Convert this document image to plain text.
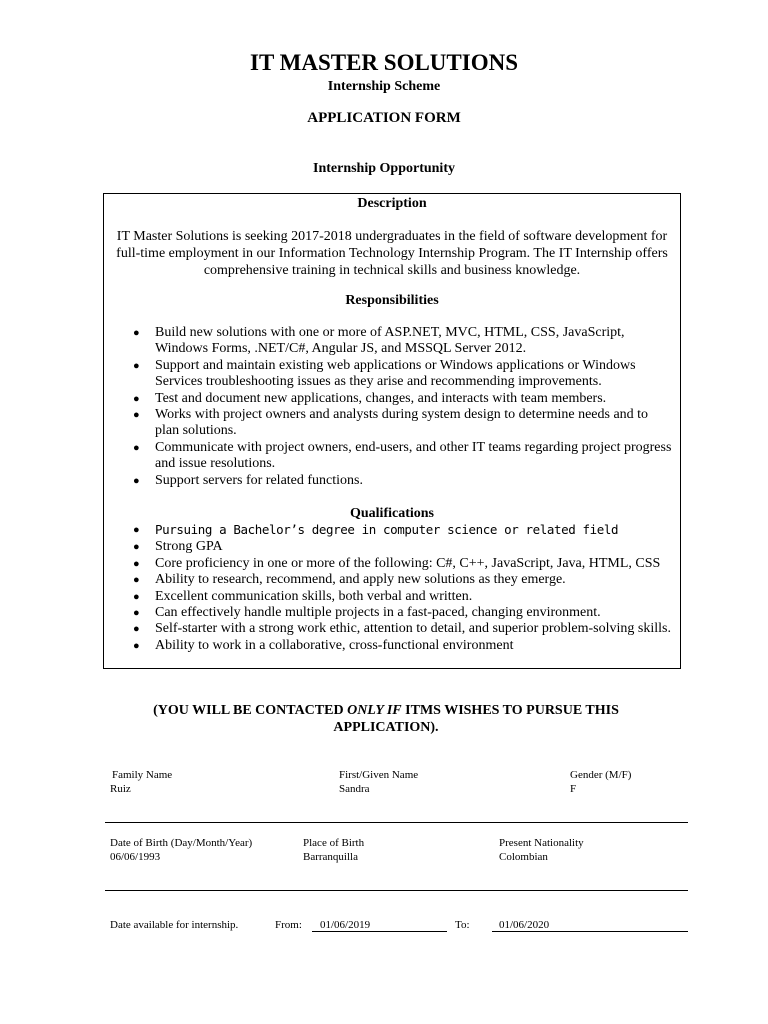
IT MASTER SOLUTIONS
Internship Scheme
APPLICATION FORM
Internship Opportunity
Description
IT Master Solutions is seeking 2017-2018 undergraduates in the field of software development for full-time employment in our Information Technology Internship Program. The IT Internship offers comprehensive training in technical skills and business knowledge.
Responsibilities
● Build new solutions with one or more of ASP.NET, MVC, HTML, CSS, JavaScript, Windows Forms, .NET/C#, Angular JS, and MSSQL Server 2012.
● Support and maintain existing web applications or Windows applications or Windows Services troubleshooting issues as they arise and recommending improvements.
● Test and document new applications, changes, and interacts with team members.
● Works with project owners and analysts during system design to determine needs and to plan solutions.
● Communicate with project owners, end-users, and other IT teams regarding project progress and issue resolutions.
● Support servers for related functions.
Qualifications
● Pursuing a Bachelor’s degree in computer science or related field
● Strong GPA
● Core proficiency in one or more of the following: C#, C++, JavaScript, Java, HTML, CSS
● Ability to research, recommend, and apply new solutions as they emerge.
● Excellent communication skills, both verbal and written.
● Can effectively handle multiple projects in a fast-paced, changing environment.
● Self-starter with a strong work ethic, attention to detail, and superior problem-solving skills.
● Ability to work in a collaborative, cross-functional environment
(YOU WILL BE CONTACTED ONLY IF ITMS WISHES TO PURSUE THIS APPLICATION).
Family Name
Ruiz
First/Given Name
Sandra
Gender (M/F)
F
Date of Birth (Day/Month/Year)
06/06/1993
Place of Birth
Barranquilla
Present Nationality
Colombian
Date available for internship.	From: 01/06/2019	To:	01/06/2020
